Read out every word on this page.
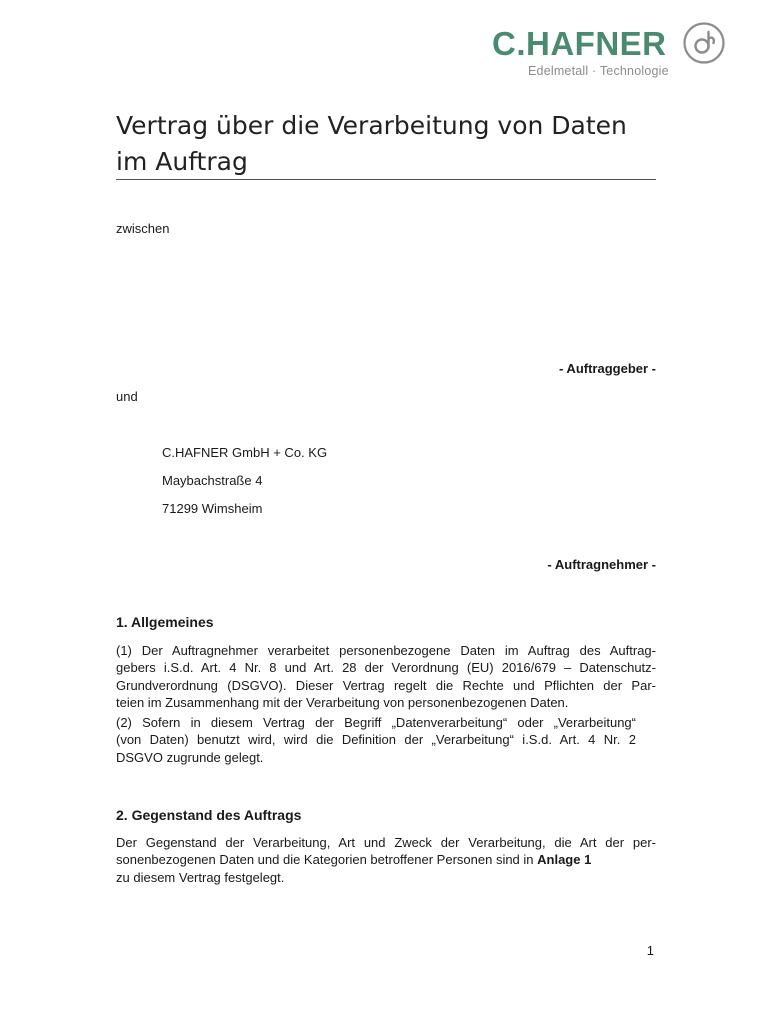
C.HAFNER
Edelmetall · Technologie
Vertrag über die Verarbeitung von Daten im Auftrag
zwischen
- Auftraggeber -
und
C.HAFNER GmbH + Co. KG
Maybachstraße 4
71299 Wimsheim
- Auftragnehmer -
1. Allgemeines

(1) Der Auftragnehmer verarbeitet personenbezogene Daten im Auftrag des Auftrag-
gebers i.S.d. Art. 4 Nr. 8 und Art. 28 der Verordnung (EU) 2016/679 – Datenschutz-
Grundverordnung (DSGVO). Dieser Vertrag regelt die Rechte und Pflichten der Par-
teien im Zusammenhang mit der Verarbeitung von personenbezogenen Daten.

(2) Sofern in diesem Vertrag der Begriff „Datenverarbeitung“ oder „Verarbeitung“
(von Daten) benutzt wird, wird die Definition der „Verarbeitung“ i.S.d. Art. 4 Nr. 2
DSGVO zugrunde gelegt.

2. Gegenstand des Auftrags

Der Gegenstand der Verarbeitung, Art und Zweck der Verarbeitung, die Art der per-
sonenbezogenen Daten und die Kategorien betroffener Personen sind in Anlage 1
zu diesem Vertrag festgelegt.

1
